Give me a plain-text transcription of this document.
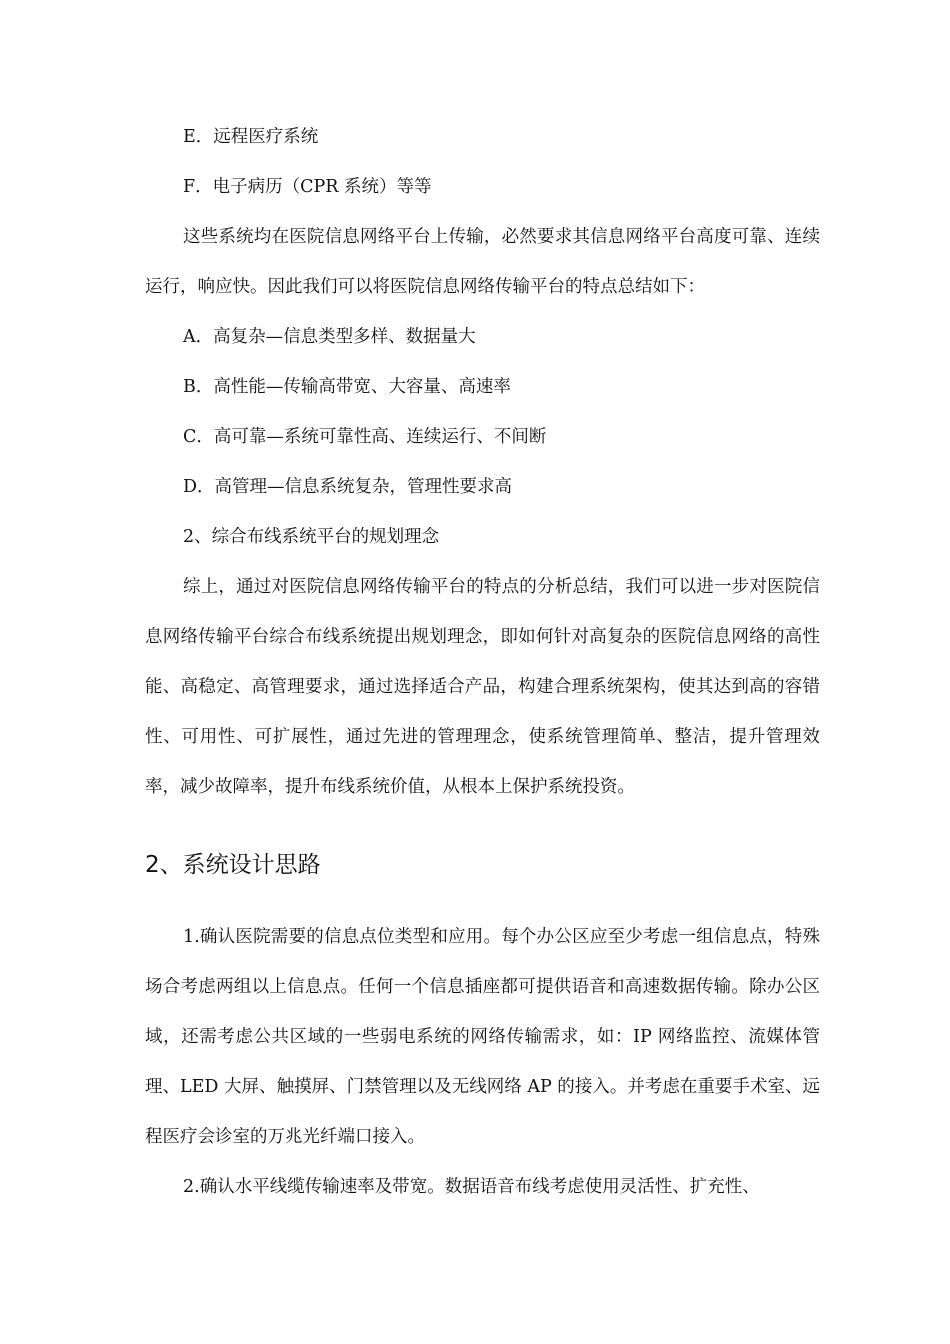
E．远程医疗系统

F．电子病历（CPR 系统）等等

这些系统均在医院信息网络平台上传输，必然要求其信息网络平台高度可靠、连续运行，响应快。因此我们可以将医院信息网络传输平台的特点总结如下：

A．高复杂—信息类型多样、数据量大

B．高性能—传输高带宽、大容量、高速率

C．高可靠—系统可靠性高、连续运行、不间断

D．高管理—信息系统复杂，管理性要求高

2、综合布线系统平台的规划理念

综上，通过对医院信息网络传输平台的特点的分析总结，我们可以进一步对医院信息网络传输平台综合布线系统提出规划理念，即如何针对高复杂的医院信息网络的高性能、高稳定、高管理要求，通过选择适合产品，构建合理系统架构，使其达到高的容错性、可用性、可扩展性，通过先进的管理理念，使系统管理简单、整洁，提升管理效率，减少故障率，提升布线系统价值，从根本上保护系统投资。

2、系统设计思路

1.确认医院需要的信息点位类型和应用。每个办公区应至少考虑一组信息点，特殊场合考虑两组以上信息点。任何一个信息插座都可提供语音和高速数据传输。除办公区域，还需考虑公共区域的一些弱电系统的网络传输需求，如：IP 网络监控、流媒体管理、LED 大屏、触摸屏、门禁管理以及无线网络 AP 的接入。并考虑在重要手术室、远程医疗会诊室的万兆光纤端口接入。

2.确认水平线缆传输速率及带宽。数据语音布线考虑使用灵活性、扩充性、
